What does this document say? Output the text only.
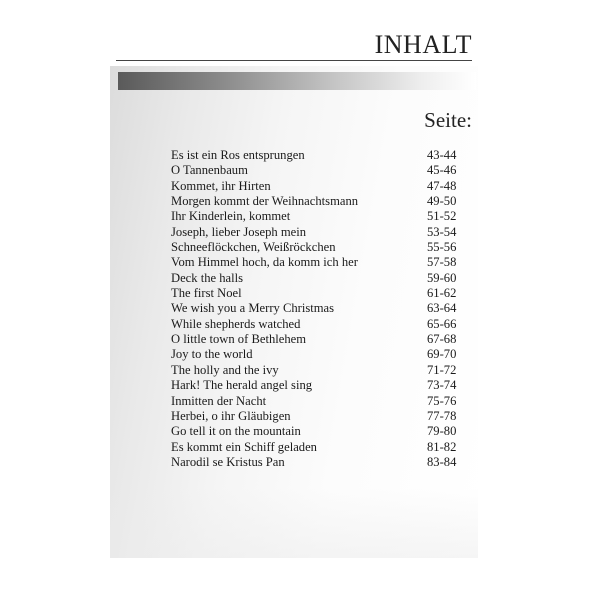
INHALT
Seite:
Es ist ein Ros entsprungen	43-44
O Tannenbaum	45-46
Kommet, ihr Hirten	47-48
Morgen kommt der Weihnachtsmann	49-50
Ihr Kinderlein, kommet	51-52
Joseph, lieber Joseph mein	53-54
Schneeflöckchen, Weißröckchen	55-56
Vom Himmel hoch, da komm ich her	57-58
Deck the halls	59-60
The first Noel	61-62
We wish you a Merry Christmas	63-64
While shepherds watched	65-66
O little town of Bethlehem	67-68
Joy to the world	69-70
The holly and the ivy	71-72
Hark! The herald angel sing	73-74
Inmitten der Nacht	75-76
Herbei, o ihr Gläubigen	77-78
Go tell it on the mountain	79-80
Es kommt ein Schiff geladen	81-82
Narodil se Kristus Pan	83-84
